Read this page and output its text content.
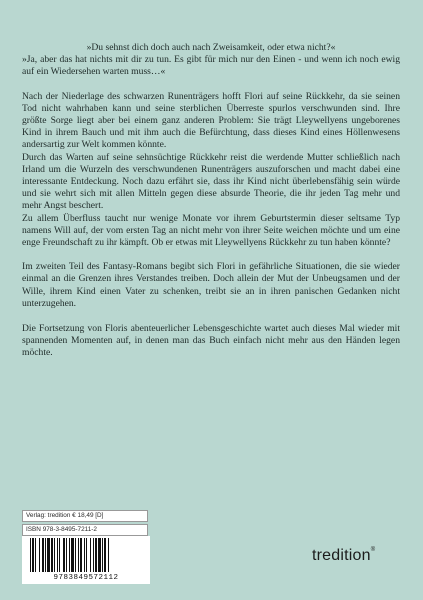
»Du sehnst dich doch auch nach Zweisamkeit, oder etwa nicht?«

»Ja, aber das hat nichts mit dir zu tun. Es gibt für mich nur den Einen - und wenn ich noch ewig auf ein Wiedersehen warten muss…«

Nach der Niederlage des schwarzen Runenträgers hofft Flori auf seine Rückkehr, da sie seinen Tod nicht wahrhaben kann und seine sterblichen Überreste spurlos verschwunden sind. Ihre größte Sorge liegt aber bei einem ganz anderen Problem: Sie trägt Lleywellyens ungeborenes Kind in ihrem Bauch und mit ihm auch die Befürchtung, dass dieses Kind eines Höllenwesens andersartig zur Welt kommen könnte.

Durch das Warten auf seine sehnsüchtige Rückkehr reist die werdende Mutter schließlich nach Irland um die Wurzeln des verschwundenen Runenträgers auszuforschen und macht dabei eine interessante Entdeckung. Noch dazu erfährt sie, dass ihr Kind nicht überlebensfähig sein würde und sie wehrt sich mit allen Mitteln gegen diese absurde Theorie, die ihr jeden Tag mehr und mehr Angst beschert.

Zu allem Überfluss taucht nur wenige Monate vor ihrem Geburtstermin dieser seltsame Typ namens Will auf, der vom ersten Tag an nicht mehr von ihrer Seite weichen möchte und um eine enge Freundschaft zu ihr kämpft. Ob er etwas mit Lleywellyens Rückkehr zu tun haben könnte?

Im zweiten Teil des Fantasy-Romans begibt sich Flori in gefährliche Situationen, die sie wieder einmal an die Grenzen ihres Verstandes treiben. Doch allein der Mut der Unbeugsamen und der Wille, ihrem Kind einen Vater zu schenken, treibt sie an in ihren panischen Gedanken nicht unterzugehen.

Die Fortsetzung von Floris abenteuerlicher Lebensgeschichte wartet auch dieses Mal wieder mit spannenden Momenten auf, in denen man das Buch einfach nicht mehr aus den Händen legen möchte.

Verlag: tredition € 18,49 [D]
ISBN 978-3-8495-7211-2
9783849572112
tredition®
